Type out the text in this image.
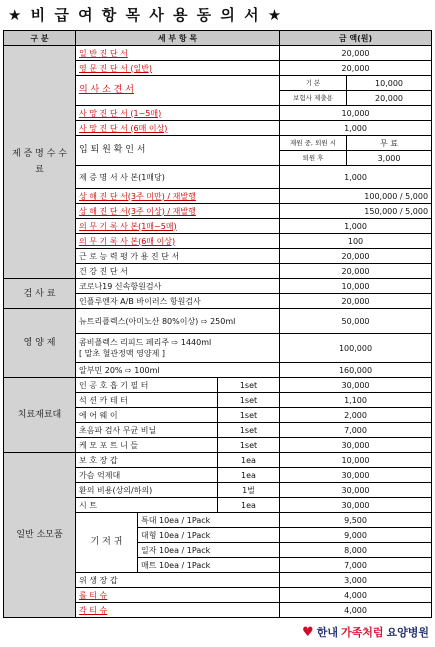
★ 비 급 여 항 목 사 용 동 의 서 ★
구 분	세 부 항 목			금 액(원)	
제 증 명 수 수 료	일 반 진 단 서			20,000	
	영 문 진 단 서 (일반)			20,000	
	의 사 소 견 서			기 본	10,000
				보험사 제출용	20,000
	사 망 진 단 서 (1~5매)			10,000	
	사 망 진 단 서 (6매 이상)			1,000	
	입 퇴 원 확 인 서			재원 중, 퇴원 시	무 료
				퇴원 후	3,000
	제 증 명 서 사 본(1매당)			1,000	
	상 해 진 단 서(3주 미만) / 재발행			100,000 / 5,000	
	상 해 진 단 서(3주 이상) / 재발행			150,000 / 5,000	
	의 무 기 록 사 본(1매~5매)			1,000	
	의 무 기 록 사 본(6매 이상)			100	
	근 로 능 력 평 가 용 진 단 서			20,000	
	건 강 진 단 서			20,000	
검 사 료	코로나19 신속항원검사			10,000	
	인플루엔자 A/B 바이러스 항원검사			20,000	
영 양 제	뉴트리플렉스(아미노산 80%이상) ⇨ 250ml			50,000	

	콤비플렉스 리피드 페리주 ⇨ 1440ml
[ 말초 혈관정맥 영양제 ]			100,000	
	알부민 20% ⇨ 100ml			160,000	
치료재료대	인 공 호 흡 기 필 터		1set	30,000	
	석 션 카 테 터		1set	1,100	
	에 어 웨 이		1set	2,000	
	초음파 검사 무균 비닐		1set	7,000	
	케 모 포 트 니 들		1set	30,000	
일반 소모품	보 호 장 갑		1ea	10,000	
	가슴 억제대		1ea	30,000	
	환의 비용(상의/하의)		1벌	30,000	
	시 트		1ea	30,000	
	기 저 귀	특대 10ea / 1Pack		9,500	
		대형 10ea / 1Pack		9,000	
		일자 10ea / 1Pack		8,000	
		매트 10ea / 1Pack		7,000	
	위 생 장 갑			3,000	
	롤 티 슈			4,000	
	각 티 슈			4,000	
♥ 한내 가족처럼 요양병원
